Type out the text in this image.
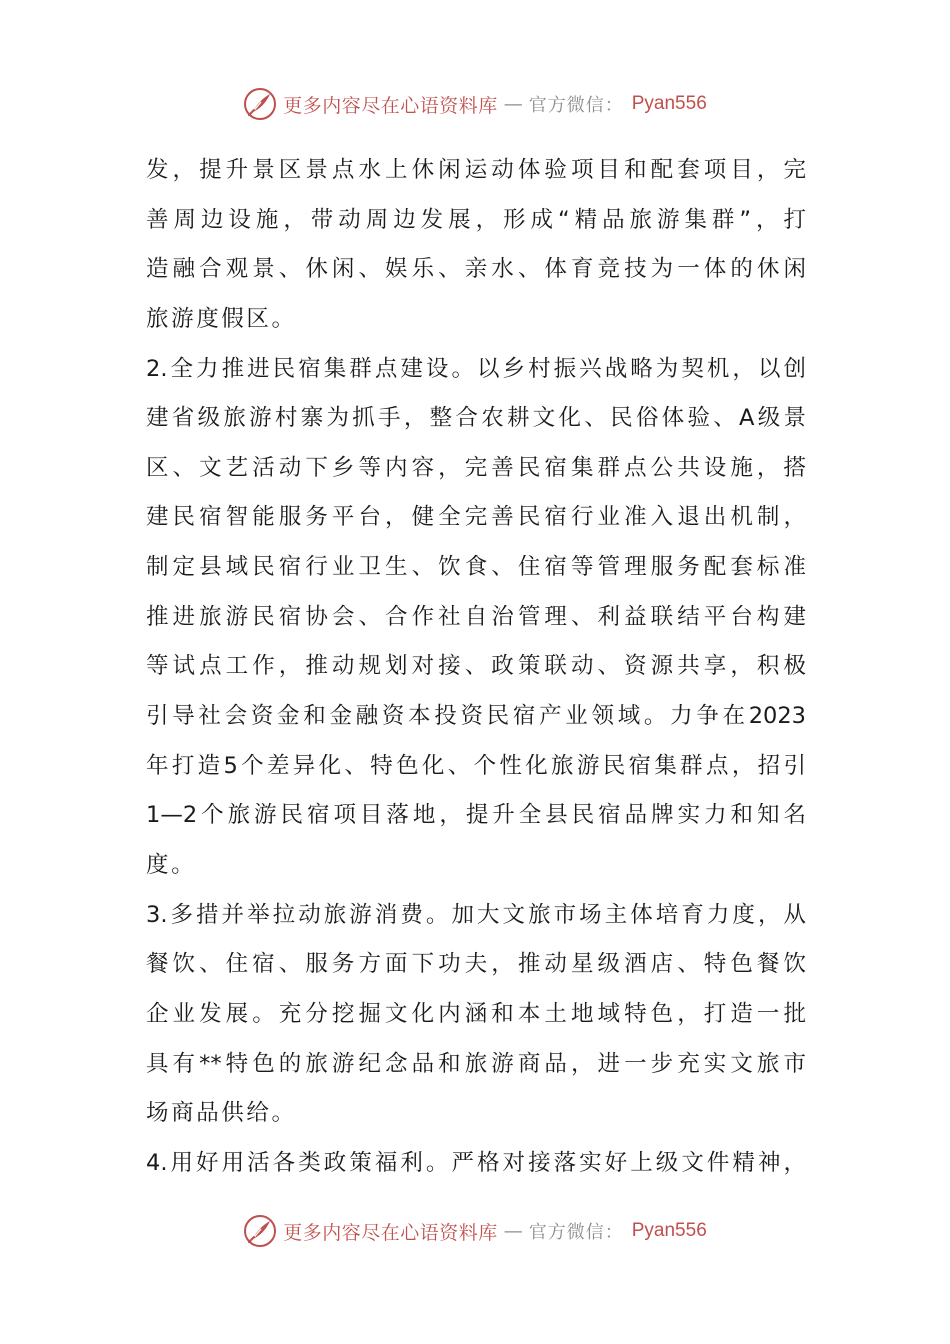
更多内容尽在心语资料库 — 官方微信： Pyan556
发，提升景区景点水上休闲运动体验项目和配套项目，完
善周边设施，带动周边发展，形成“精品旅游集群”，打
造融合观景、休闲、娱乐、亲水、体育竞技为一体的休闲
旅游度假区。
2.全力推进民宿集群点建设。以乡村振兴战略为契机，以创
建省级旅游村寨为抓手，整合农耕文化、民俗体验、A级景
区、文艺活动下乡等内容，完善民宿集群点公共设施，搭
建民宿智能服务平台，健全完善民宿行业准入退出机制，
制定县域民宿行业卫生、饮食、住宿等管理服务配套标准
推进旅游民宿协会、合作社自治管理、利益联结平台构建
等试点工作，推动规划对接、政策联动、资源共享，积极
引导社会资金和金融资本投资民宿产业领域。力争在2023
年打造5个差异化、特色化、个性化旅游民宿集群点，招引
1—2个旅游民宿项目落地，提升全县民宿品牌实力和知名
度。
3.多措并举拉动旅游消费。加大文旅市场主体培育力度，从
餐饮、住宿、服务方面下功夫，推动星级酒店、特色餐饮
企业发展。充分挖掘文化内涵和本土地域特色，打造一批
具有**特色的旅游纪念品和旅游商品，进一步充实文旅市
场商品供给。
4.用好用活各类政策福利。严格对接落实好上级文件精神，
更多内容尽在心语资料库 — 官方微信： Pyan556
